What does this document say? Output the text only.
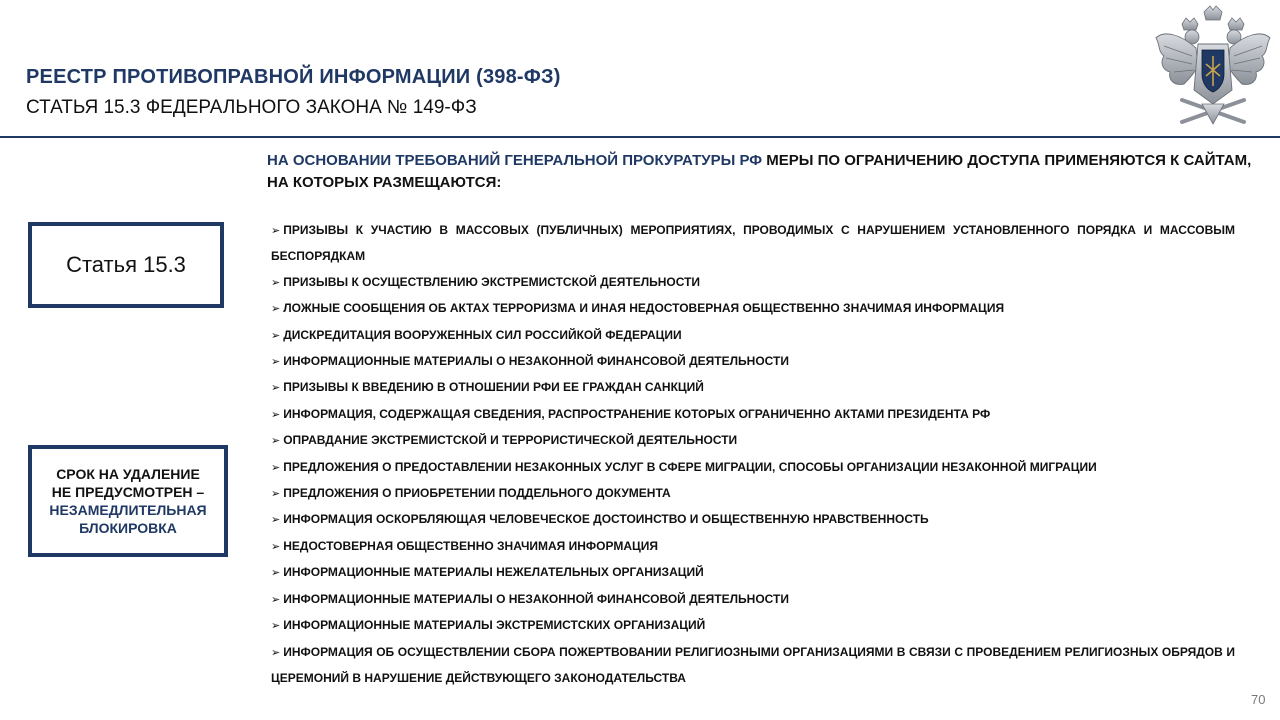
РЕЕСТР ПРОТИВОПРАВНОЙ ИНФОРМАЦИИ (398-ФЗ)
СТАТЬЯ 15.3 ФЕДЕРАЛЬНОГО ЗАКОНА № 149-ФЗ
НА ОСНОВАНИИ ТРЕБОВАНИЙ ГЕНЕРАЛЬНОЙ ПРОКУРАТУРЫ РФ МЕРЫ ПО ОГРАНИЧЕНИЮ ДОСТУПА ПРИМЕНЯЮТСЯ К САЙТАМ, НА КОТОРЫХ РАЗМЕЩАЮТСЯ:
Статья 15.3
СРОК НА УДАЛЕНИЕ
НЕ ПРЕДУСМОТРЕН –
НЕЗАМЕДЛИТЕЛЬНАЯ
БЛОКИРОВКА
➢ ПРИЗЫВЫ К УЧАСТИЮ В МАССОВЫХ (ПУБЛИЧНЫХ) МЕРОПРИЯТИЯХ, ПРОВОДИМЫХ С НАРУШЕНИЕМ УСТАНОВЛЕННОГО ПОРЯДКА И МАССОВЫМ БЕСПОРЯДКАМ
➢ ПРИЗЫВЫ К ОСУЩЕСТВЛЕНИЮ ЭКСТРЕМИСТСКОЙ ДЕЯТЕЛЬНОСТИ
➢ ЛОЖНЫЕ СООБЩЕНИЯ ОБ АКТАХ ТЕРРОРИЗМА И ИНАЯ НЕДОСТОВЕРНАЯ ОБЩЕСТВЕННО ЗНАЧИМАЯ ИНФОРМАЦИЯ
➢ ДИСКРЕДИТАЦИЯ ВООРУЖЕННЫХ СИЛ РОССИЙКОЙ ФЕДЕРАЦИИ
➢ ИНФОРМАЦИОННЫЕ МАТЕРИАЛЫ О НЕЗАКОННОЙ ФИНАНСОВОЙ ДЕЯТЕЛЬНОСТИ
➢ ПРИЗЫВЫ К ВВЕДЕНИЮ В ОТНОШЕНИИ РФИ ЕЕ ГРАЖДАН САНКЦИЙ
➢ ИНФОРМАЦИЯ, СОДЕРЖАЩАЯ СВЕДЕНИЯ, РАСПРОСТРАНЕНИЕ КОТОРЫХ ОГРАНИЧЕННО АКТАМИ ПРЕЗИДЕНТА РФ
➢ ОПРАВДАНИЕ ЭКСТРЕМИСТСКОЙ И ТЕРРОРИСТИЧЕСКОЙ ДЕЯТЕЛЬНОСТИ
➢ ПРЕДЛОЖЕНИЯ О ПРЕДОСТАВЛЕНИИ НЕЗАКОННЫХ УСЛУГ В СФЕРЕ МИГРАЦИИ, СПОСОБЫ ОРГАНИЗАЦИИ НЕЗАКОННОЙ МИГРАЦИИ
➢ ПРЕДЛОЖЕНИЯ О ПРИОБРЕТЕНИИ ПОДДЕЛЬНОГО ДОКУМЕНТА
➢ ИНФОРМАЦИЯ ОСКОРБЛЯЮЩАЯ ЧЕЛОВЕЧЕСКОЕ ДОСТОИНСТВО И ОБЩЕСТВЕННУЮ НРАВСТВЕННОСТЬ
➢ НЕДОСТОВЕРНАЯ ОБЩЕСТВЕННО ЗНАЧИМАЯ ИНФОРМАЦИЯ
➢ ИНФОРМАЦИОННЫЕ МАТЕРИАЛЫ НЕЖЕЛАТЕЛЬНЫХ ОРГАНИЗАЦИЙ
➢ ИНФОРМАЦИОННЫЕ МАТЕРИАЛЫ О НЕЗАКОННОЙ ФИНАНСОВОЙ ДЕЯТЕЛЬНОСТИ
➢ ИНФОРМАЦИОННЫЕ МАТЕРИАЛЫ ЭКСТРЕМИСТСКИХ ОРГАНИЗАЦИЙ
➢ ИНФОРМАЦИЯ ОБ ОСУЩЕСТВЛЕНИИ СБОРА ПОЖЕРТВОВАНИИ РЕЛИГИОЗНЫМИ ОРГАНИЗАЦИЯМИ В СВЯЗИ С ПРОВЕДЕНИЕМ РЕЛИГИОЗНЫХ ОБРЯДОВ И ЦЕРЕМОНИЙ В НАРУШЕНИЕ ДЕЙСТВУЮЩЕГО ЗАКОНОДАТЕЛЬСТВА
70
